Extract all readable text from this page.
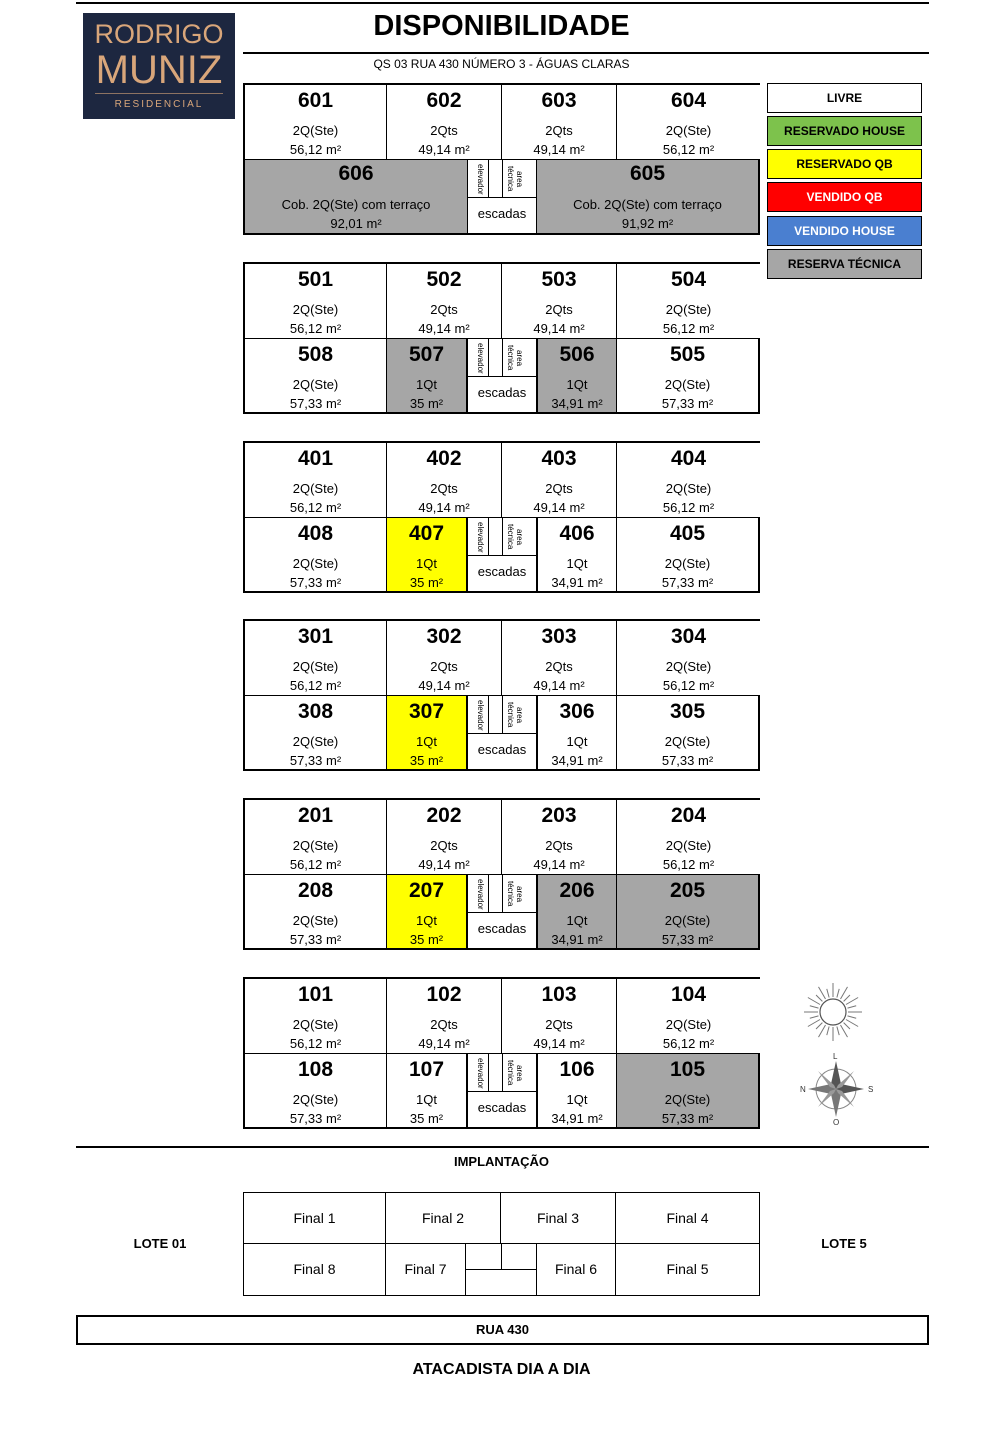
RODRIGO
MUNIZ
RESIDENCIAL
DISPONIBILIDADE
QS 03 RUA 430 NÚMERO 3 - ÁGUAS CLARAS
LIVRE
RESERVADO HOUSE
RESERVADO QB
VENDIDO QB
VENDIDO HOUSE
RESERVA TÉCNICA
601
2Q(Ste)
56,12 m²
602
2Qts
49,14 m²
603
2Qts
49,14 m²
604
2Q(Ste)
56,12 m²
606
Cob. 2Q(Ste) com terraço
92,01 m²
605
Cob. 2Q(Ste) com terraço
91,92 m²
elevador	area técnica
escadas
501
2Q(Ste)
56,12 m²
502
2Qts
49,14 m²
503
2Qts
49,14 m²
504
2Q(Ste)
56,12 m²
508
2Q(Ste)
57,33 m²
507
1Qt
35 m²
506
1Qt
34,91 m²
505
2Q(Ste)
57,33 m²
elevador	area técnica
escadas
401
2Q(Ste)
56,12 m²
402
2Qts
49,14 m²
403
2Qts
49,14 m²
404
2Q(Ste)
56,12 m²
408
2Q(Ste)
57,33 m²
407
1Qt
35 m²
406
1Qt
34,91 m²
405
2Q(Ste)
57,33 m²
elevador	area técnica
escadas
301
2Q(Ste)
56,12 m²
302
2Qts
49,14 m²
303
2Qts
49,14 m²
304
2Q(Ste)
56,12 m²
308
2Q(Ste)
57,33 m²
307
1Qt
35 m²
306
1Qt
34,91 m²
305
2Q(Ste)
57,33 m²
elevador	area técnica
escadas
201
2Q(Ste)
56,12 m²
202
2Qts
49,14 m²
203
2Qts
49,14 m²
204
2Q(Ste)
56,12 m²
208
2Q(Ste)
57,33 m²
207
1Qt
35 m²
206
1Qt
34,91 m²
205
2Q(Ste)
57,33 m²
elevador	area técnica
escadas
101
2Q(Ste)
56,12 m²
102
2Qts
49,14 m²
103
2Qts
49,14 m²
104
2Q(Ste)
56,12 m²
108
2Q(Ste)
57,33 m²
107
1Qt
35 m²
106
1Qt
34,91 m²
105
2Q(Ste)
57,33 m²
elevador	area técnica
escadas
N	S
L
O
IMPLANTAÇÃO
LOTE 01	LOTE 5
Final 1	Final 2	Final 3	Final 4
Final 8	Final 7	Final 6	Final 5
RUA 430
ATACADISTA DIA A DIA
